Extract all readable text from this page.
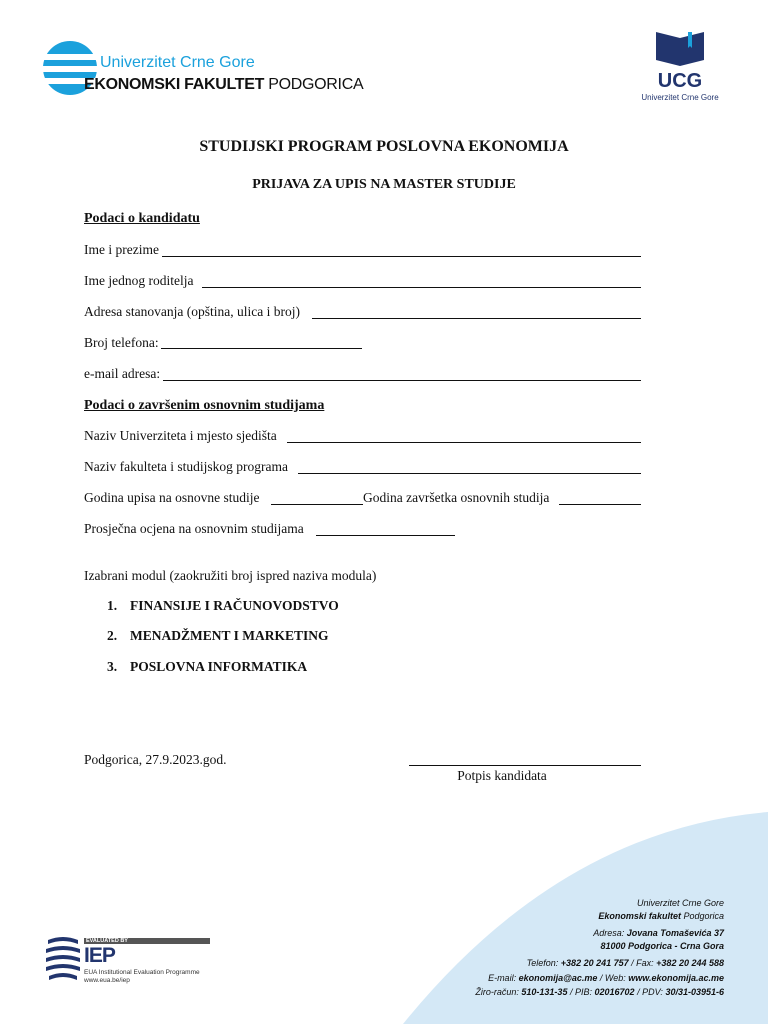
Univerzitet Crne Gore
EKONOMSKI FAKULTET PODGORICA	UCG
Univerzitet Crne Gore
STUDIJSKI PROGRAM POSLOVNA EKONOMIJA
PRIJAVA ZA UPIS NA MASTER STUDIJE
Podaci o kandidatu
Ime i prezime
Ime jednog roditelja
Adresa stanovanja (opština, ulica i broj)
Broj telefona:
e-mail adresa:
Podaci o završenim osnovnim studijama
Naziv Univerziteta i mjesto sjedišta
Naziv fakulteta i studijskog programa
Godina upisa na osnovne studije	Godina završetka osnovnih studija
Prosječna ocjena na osnovnim studijama
Izabrani modul (zaokružiti broj ispred naziva modula)
1. FINANSIJE I RAČUNOVODSTVO
2. MENADŽMENT I MARKETING
3. POSLOVNA INFORMATIKA
Podgorica, 27.9.2023.god.
Potpis kandidata
EVALUATED BY
IEP
EUA Institutional Evaluation Programme
www.eua.be/iep
Univerzitet Crne Gore
Ekonomski fakultet Podgorica
Adresa: Jovana Tomaševića 37
81000 Podgorica - Crna Gora
Telefon: +382 20 241 757 / Fax: +382 20 244 588
E-mail: ekonomija@ac.me / Web: www.ekonomija.ac.me
Žiro-račun: 510-131-35 / PIB: 02016702 / PDV: 30/31-03951-6
